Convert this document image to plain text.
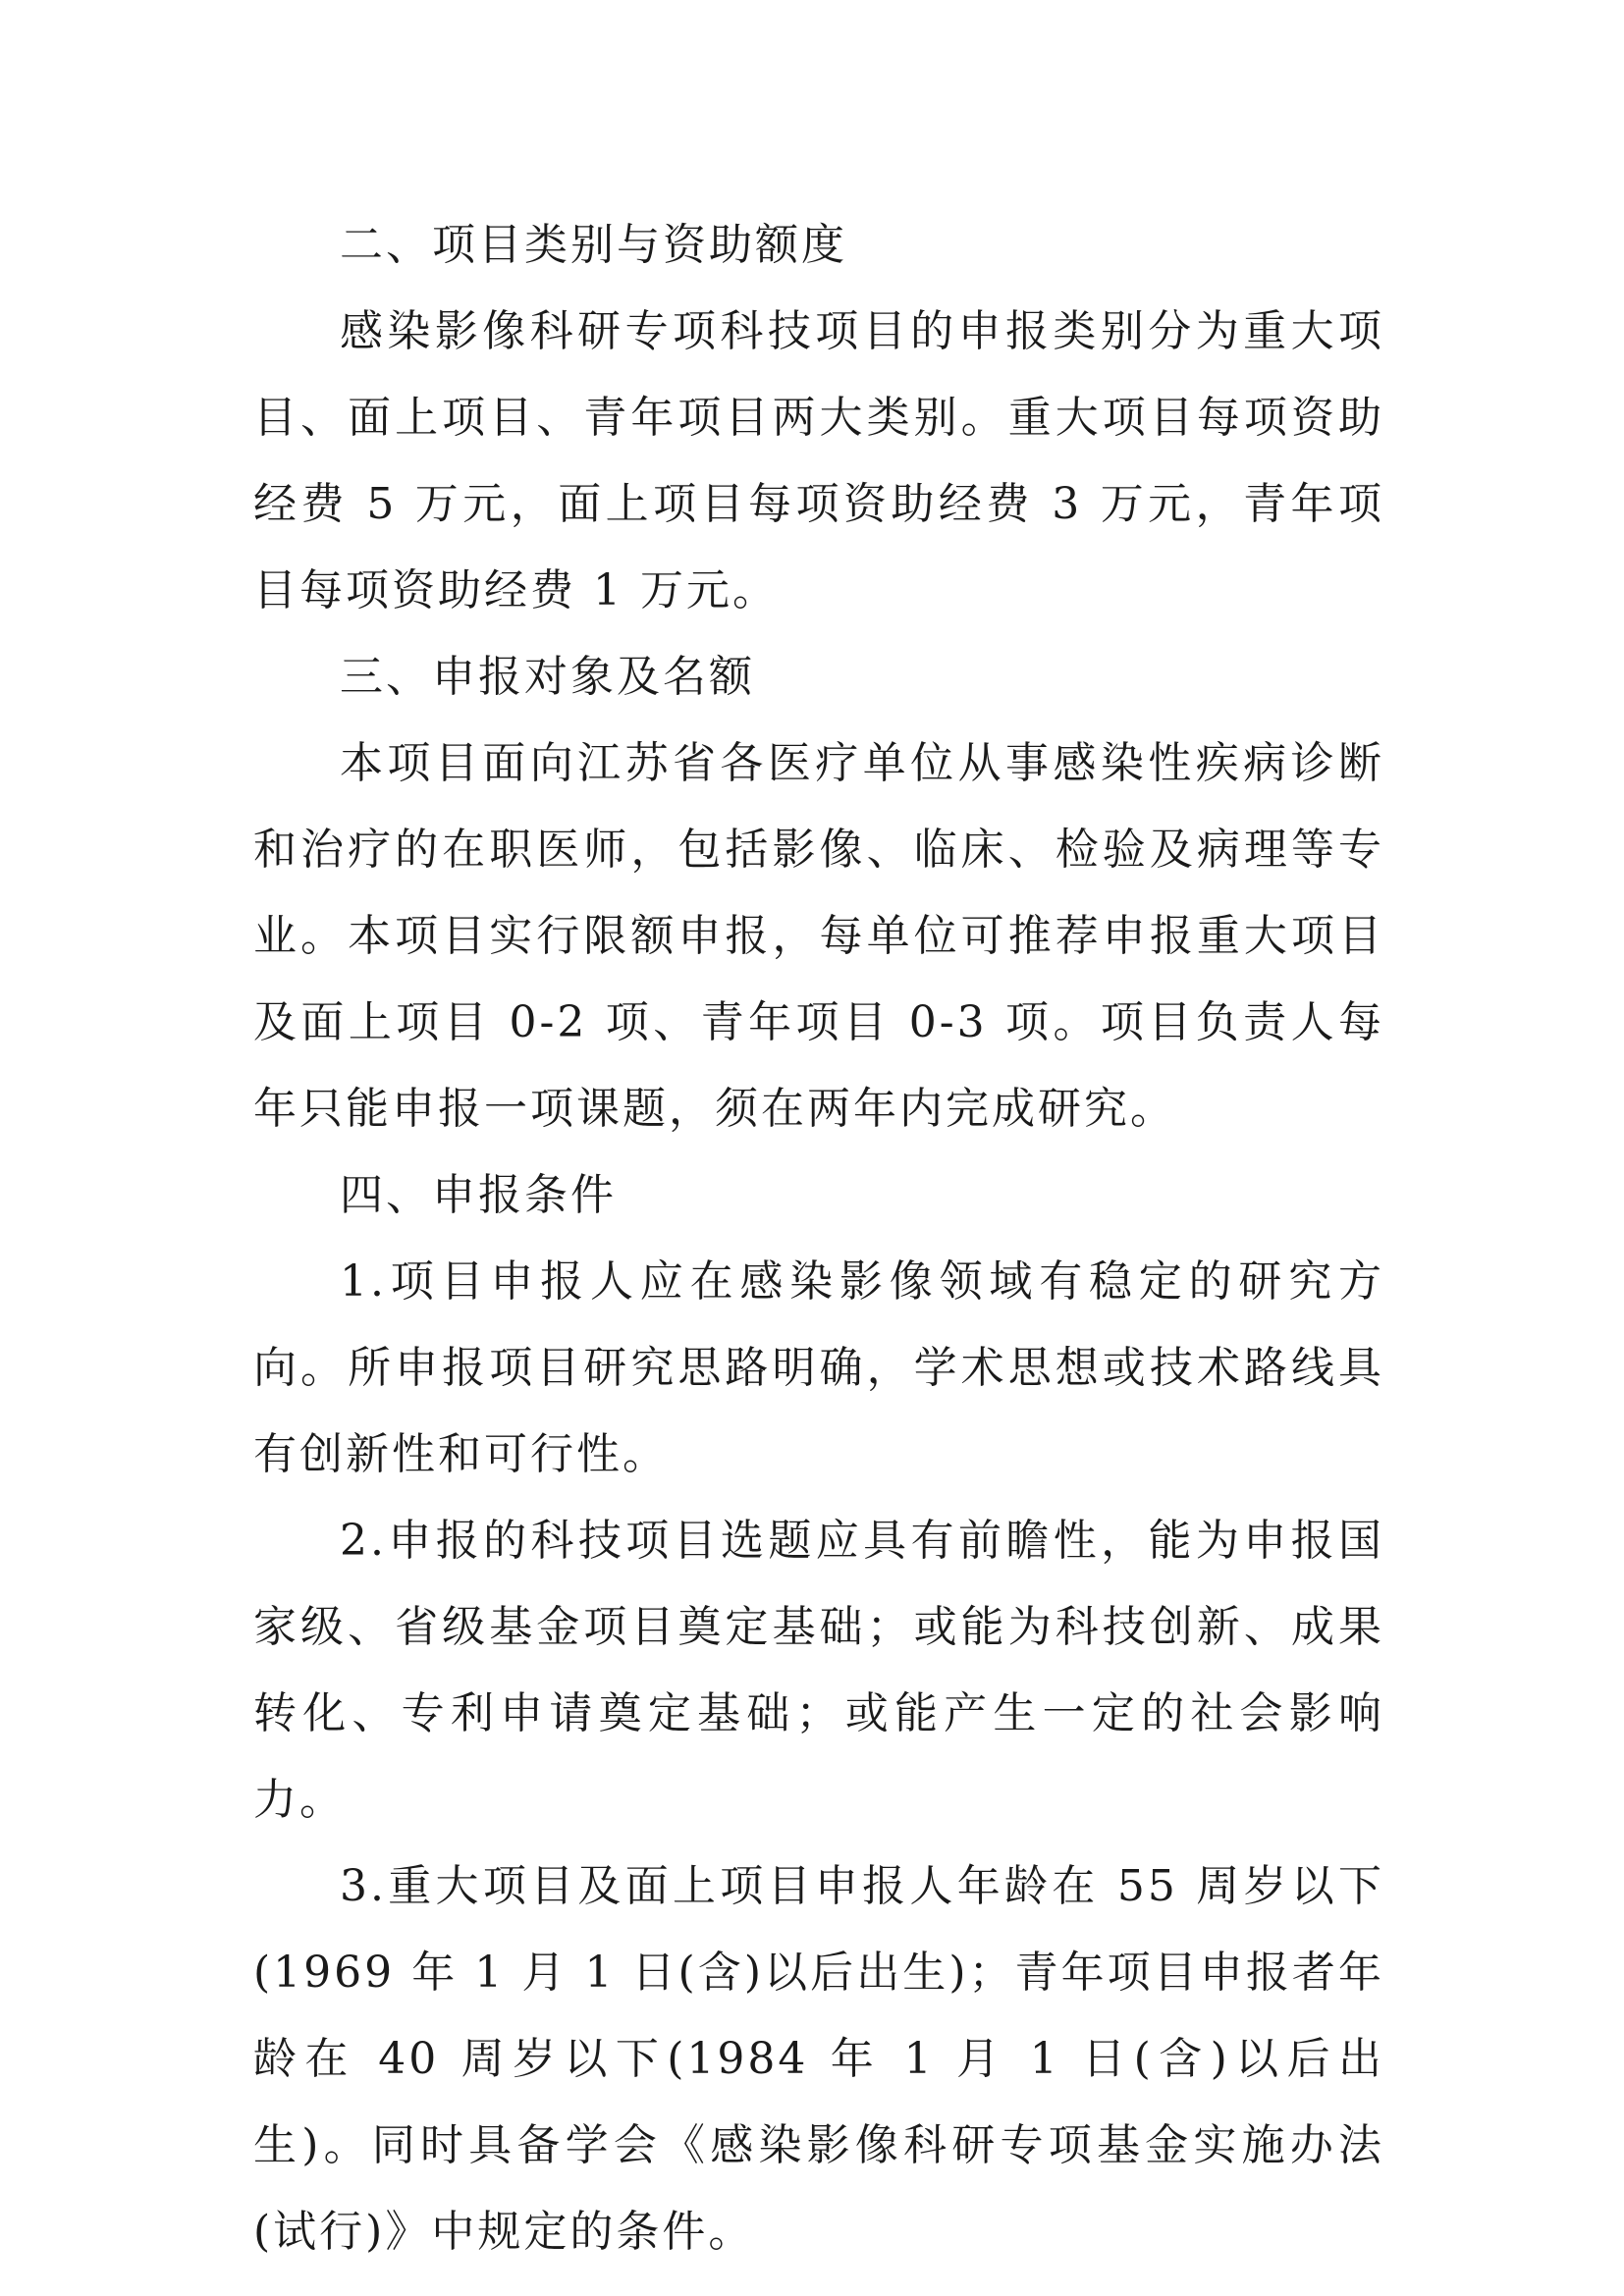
二、项目类别与资助额度

感染影像科研专项科技项目的申报类别分为重大项目、面上项目、青年项目两大类别。重大项目每项资助经费 5 万元，面上项目每项资助经费 3 万元，青年项目每项资助经费 1 万元。

三、申报对象及名额

本项目面向江苏省各医疗单位从事感染性疾病诊断和治疗的在职医师，包括影像、临床、检验及病理等专业。本项目实行限额申报，每单位可推荐申报重大项目及面上项目 0-2 项、青年项目 0-3 项。项目负责人每年只能申报一项课题，须在两年内完成研究。

四、申报条件

1.项目申报人应在感染影像领域有稳定的研究方向。所申报项目研究思路明确，学术思想或技术路线具有创新性和可行性。

2.申报的科技项目选题应具有前瞻性，能为申报国家级、省级基金项目奠定基础；或能为科技创新、成果转化、专利申请奠定基础；或能产生一定的社会影响力。

3.重大项目及面上项目申报人年龄在 55 周岁以下(1969 年 1 月 1 日(含)以后出生)；青年项目申报者年龄在 40 周岁以下(1984 年 1 月 1 日(含)以后出生)。同时具备学会《感染影像科研专项基金实施办法(试行)》中规定的条件。
